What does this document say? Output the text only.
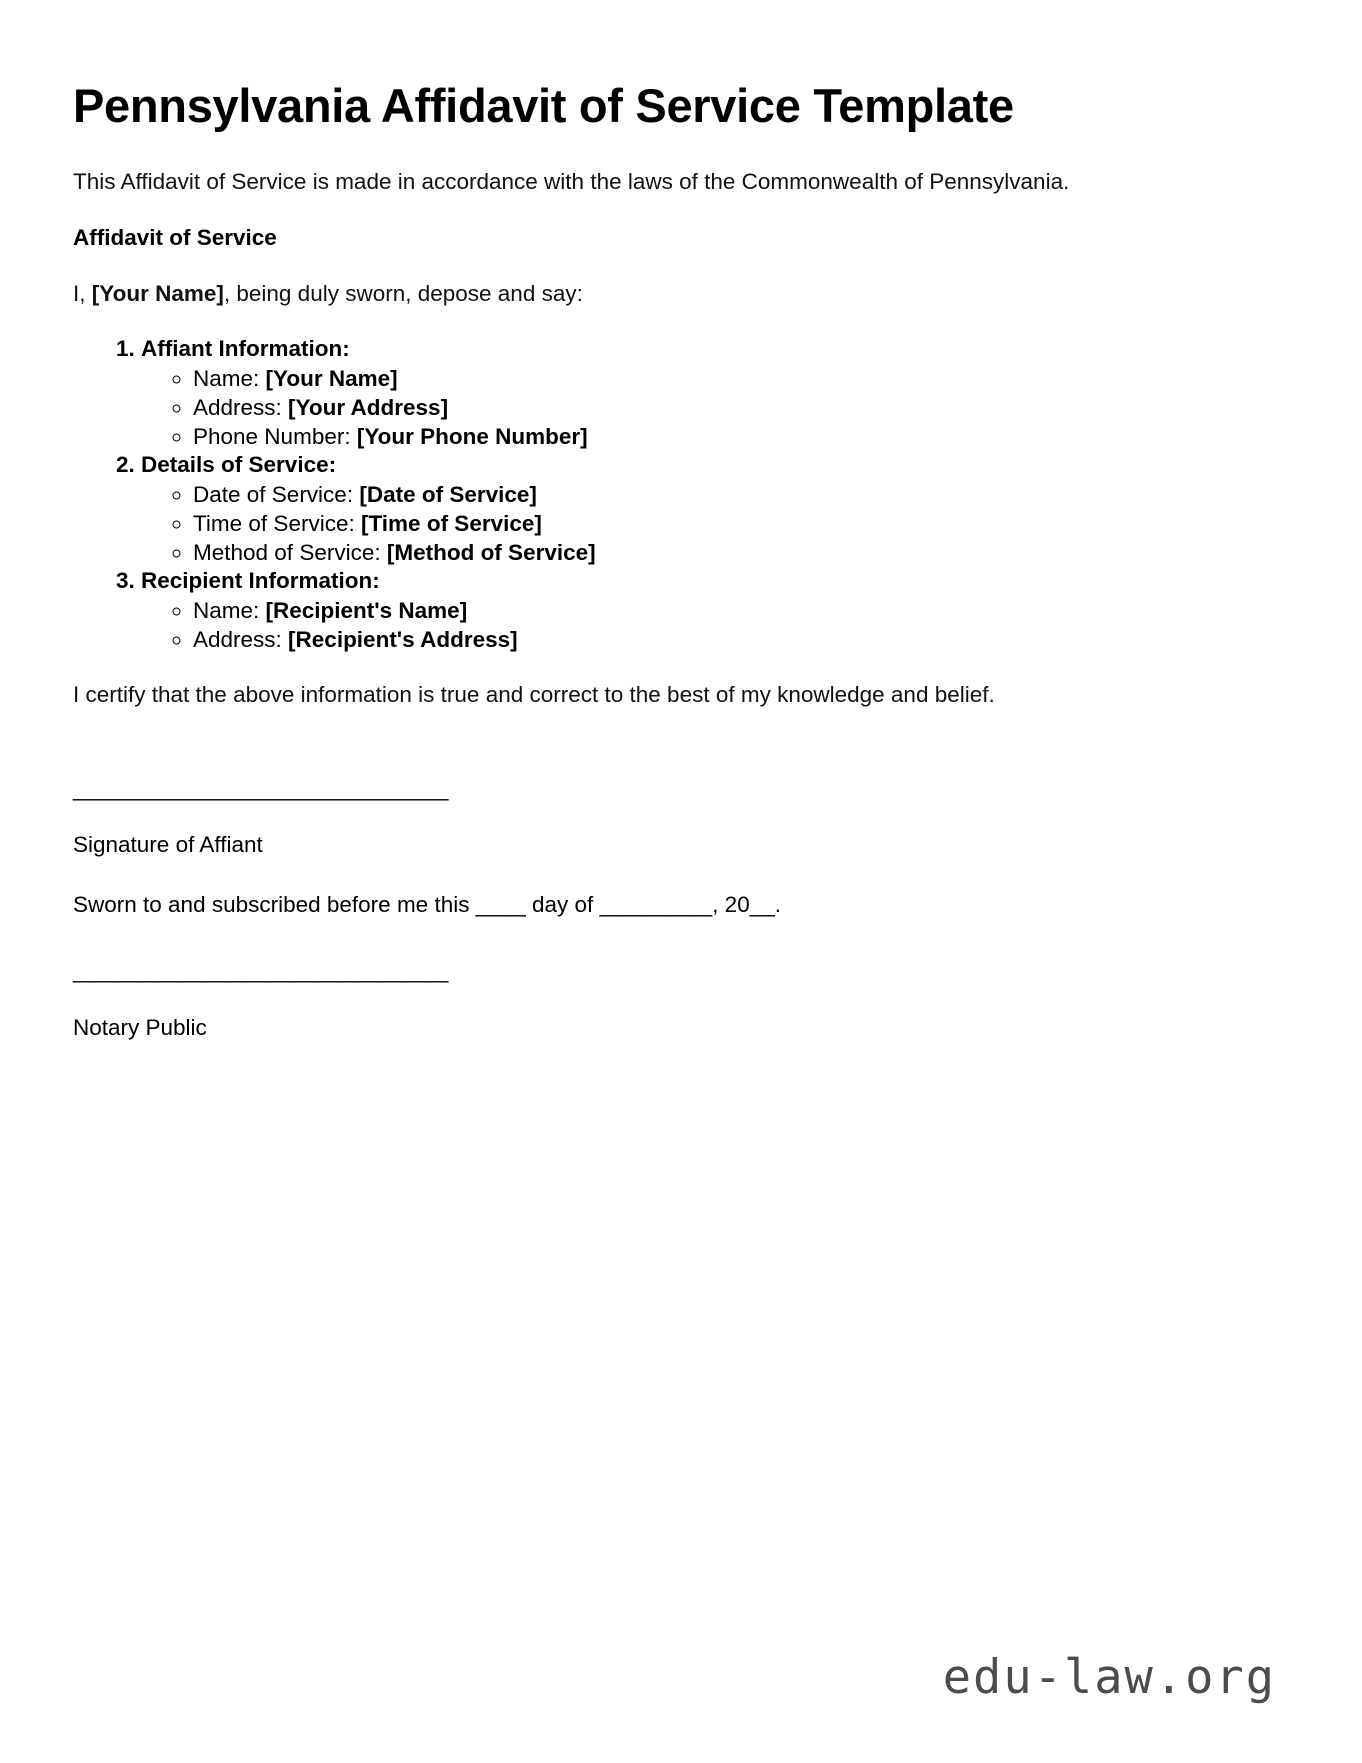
Pennsylvania Affidavit of Service Template

This Affidavit of Service is made in accordance with the laws of the Commonwealth of Pennsylvania.

Affidavit of Service

I, [Your Name], being duly sworn, depose and say:

1. Affiant Information:
◦ Name: [Your Name]
◦ Address: [Your Address]
◦ Phone Number: [Your Phone Number]
2. Details of Service:
◦ Date of Service: [Date of Service]
◦ Time of Service: [Time of Service]
◦ Method of Service: [Method of Service]
3. Recipient Information:
◦ Name: [Recipient's Name]
◦ Address: [Recipient's Address]

I certify that the above information is true and correct to the best of my knowledge and belief.

______________________________

Signature of Affiant

Sworn to and subscribed before me this ____ day of _________, 20__.

______________________________

Notary Public

edu-law.org
